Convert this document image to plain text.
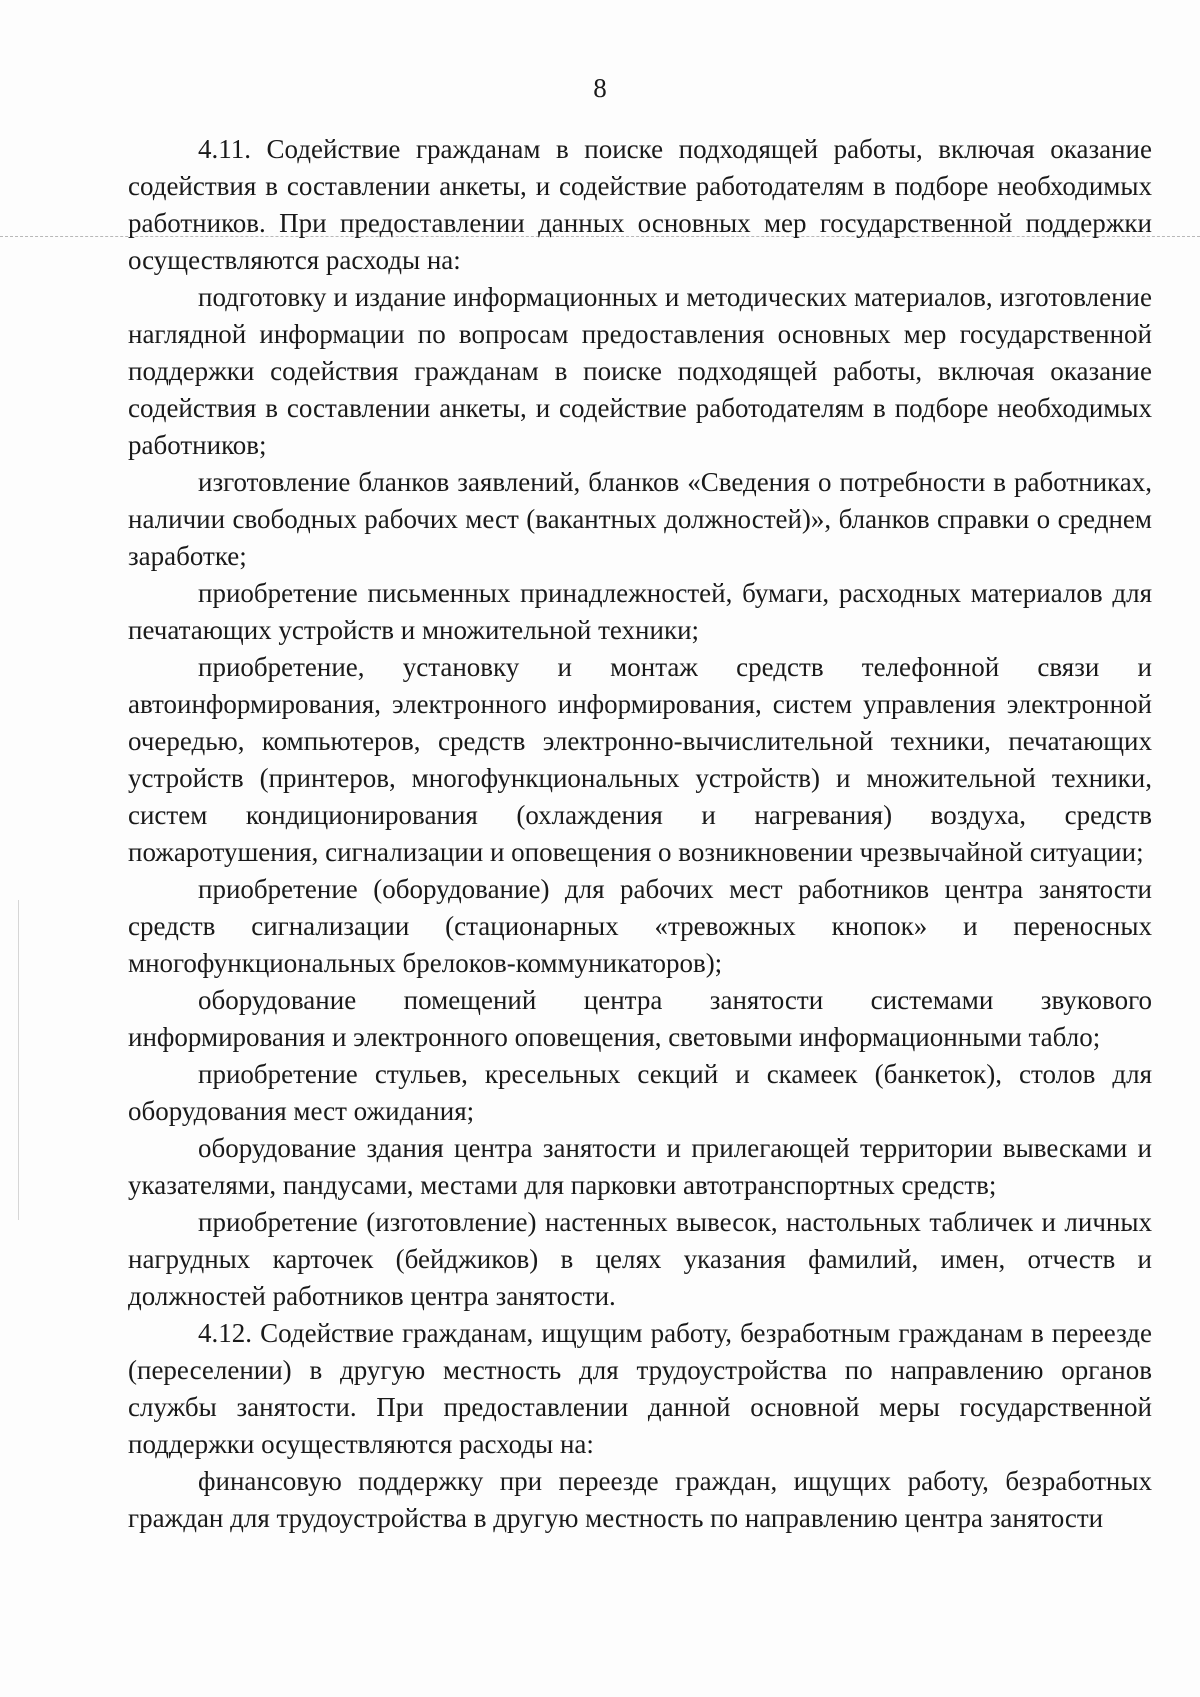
8

4.11. Содействие гражданам в поиске подходящей работы, включая оказание содействия в составлении анкеты, и содействие работодателям в подборе необходимых работников. При предоставлении данных основных мер государственной поддержки осуществляются расходы на:

подготовку и издание информационных и методических материалов, изготовление наглядной информации по вопросам предоставления основных мер государственной поддержки содействия гражданам в поиске подходящей работы, включая оказание содействия в составлении анкеты, и содействие работодателям в подборе необходимых работников;

изготовление бланков заявлений, бланков «Сведения о потребности в работниках, наличии свободных рабочих мест (вакантных должностей)», бланков справки о среднем заработке;

приобретение письменных принадлежностей, бумаги, расходных материалов для печатающих устройств и множительной техники;

приобретение, установку и монтаж средств телефонной связи и автоинформирования, электронного информирования, систем управления электронной очередью, компьютеров, средств электронно-вычислительной техники, печатающих устройств (принтеров, многофункциональных устройств) и множительной техники, систем кондиционирования (охлаждения и нагревания) воздуха, средств пожаротушения, сигнализации и оповещения о возникновении чрезвычайной ситуации;

приобретение (оборудование) для рабочих мест работников центра занятости средств сигнализации (стационарных «тревожных кнопок» и переносных многофункциональных брелоков-коммуникаторов);

оборудование помещений центра занятости системами звукового информирования и электронного оповещения, световыми информационными табло;

приобретение стульев, кресельных секций и скамеек (банкеток), столов для оборудования мест ожидания;

оборудование здания центра занятости и прилегающей территории вывесками и указателями, пандусами, местами для парковки автотранспортных средств;

приобретение (изготовление) настенных вывесок, настольных табличек и личных нагрудных карточек (бейджиков) в целях указания фамилий, имен, отчеств и должностей работников центра занятости.

4.12. Содействие гражданам, ищущим работу, безработным гражданам в переезде (переселении) в другую местность для трудоустройства по направлению органов службы занятости. При предоставлении данной основной меры государственной поддержки осуществляются расходы на:

финансовую поддержку при переезде граждан, ищущих работу, безработных граждан для трудоустройства в другую местность по направлению центра занятости
